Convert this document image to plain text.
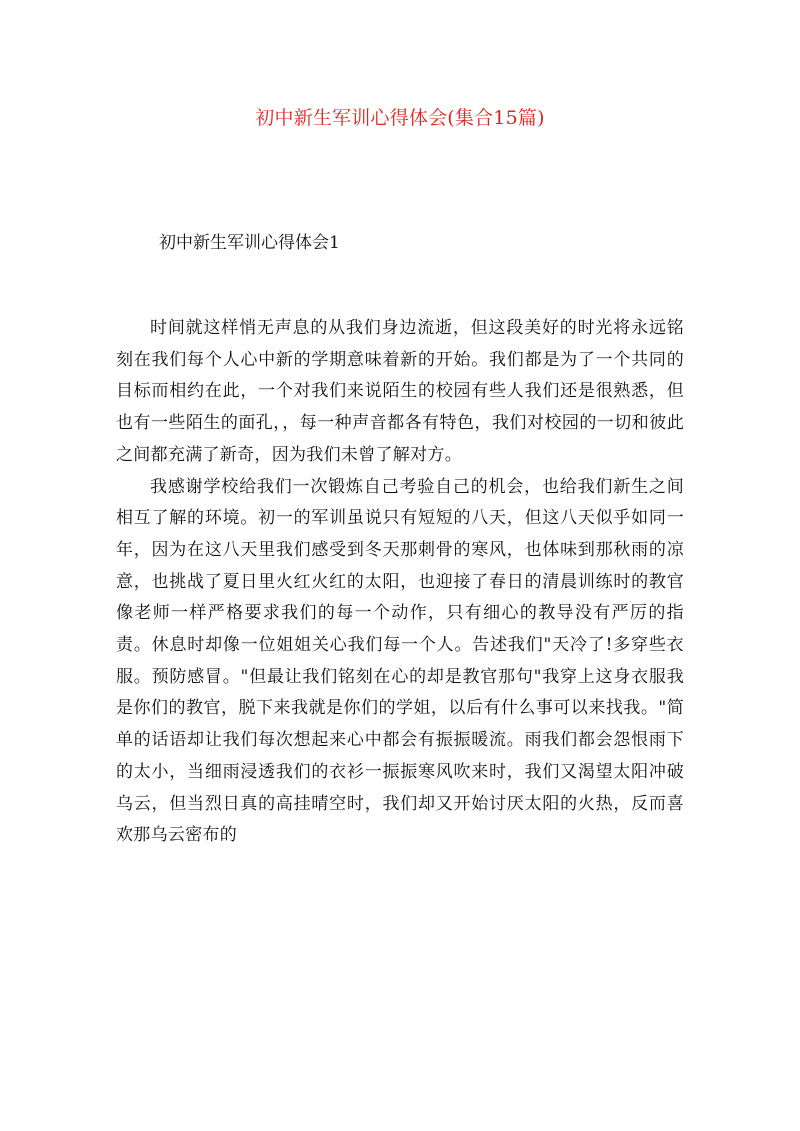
初中新生军训心得体会(集合15篇)
初中新生军训心得体会1

时间就这样悄无声息的从我们身边流逝，但这段美好的时光将永远铭刻在我们每个人心中新的学期意味着新的开始。我们都是为了一个共同的目标而相约在此，一个对我们来说陌生的校园有些人我们还是很熟悉，但也有一些陌生的面孔，，每一种声音都各有特色，我们对校园的一切和彼此之间都充满了新奇，因为我们未曾了解对方。

我感谢学校给我们一次锻炼自己考验自己的机会，也给我们新生之间相互了解的环境。初一的军训虽说只有短短的八天，但这八天似乎如同一年，因为在这八天里我们感受到冬天那刺骨的寒风，也体味到那秋雨的凉意，也挑战了夏日里火红火红的太阳，也迎接了春日的清晨训练时的教官像老师一样严格要求我们的每一个动作，只有细心的教导没有严厉的指责。休息时却像一位姐姐关心我们每一个人。告述我们"天冷了!多穿些衣服。预防感冒。"但最让我们铭刻在心的却是教官那句"我穿上这身衣服我是你们的教官，脱下来我就是你们的学姐，以后有什么事可以来找我。"简单的话语却让我们每次想起来心中都会有振振暖流。雨我们都会怨恨雨下的太小，当细雨浸透我们的衣衫一振振寒风吹来时，我们又渴望太阳冲破乌云，但当烈日真的高挂晴空时，我们却又开始讨厌太阳的火热，反而喜欢那乌云密布的
